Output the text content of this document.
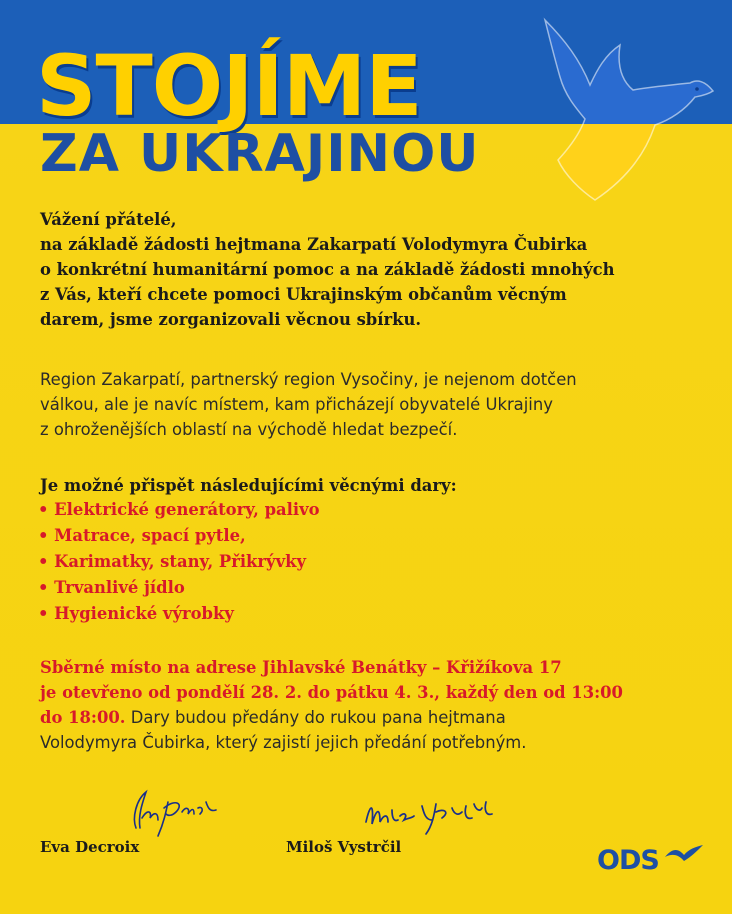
STOJÍME
ZA UKRAJINOU
Vážení přátelé,
na základě žádosti hejtmana Zakarpatí Volodymyra Čubirka
o konkrétní humanitární pomoc a na základě žádosti mnohých
z Vás, kteří chcete pomoci Ukrajinským občanům věcným
darem, jsme zorganizovali věcnou sbírku.
Region Zakarpatí, partnerský region Vysočiny, je nejenom dotčen
válkou, ale je navíc místem, kam přicházejí obyvatelé Ukrajiny
z ohroženějších oblastí na východě hledat bezpečí.
Je možné přispět následujícími věcnými dary:
• Elektrické generátory, palivo
• Matrace, spací pytle,
• Karimatky, stany, Přikrývky
• Trvanlivé jídlo
• Hygienické výrobky
Sběrné místo na adrese Jihlavské Benátky – Křižíkova 17
je otevřeno od pondělí 28. 2. do pátku 4. 3., každý den od 13:00
do 18:00. Dary budou předány do rukou pana hejtmana
Volodymyra Čubirka, který zajistí jejich předání potřebným.
Eva Decroix	Miloš Vystrčil	ODS
